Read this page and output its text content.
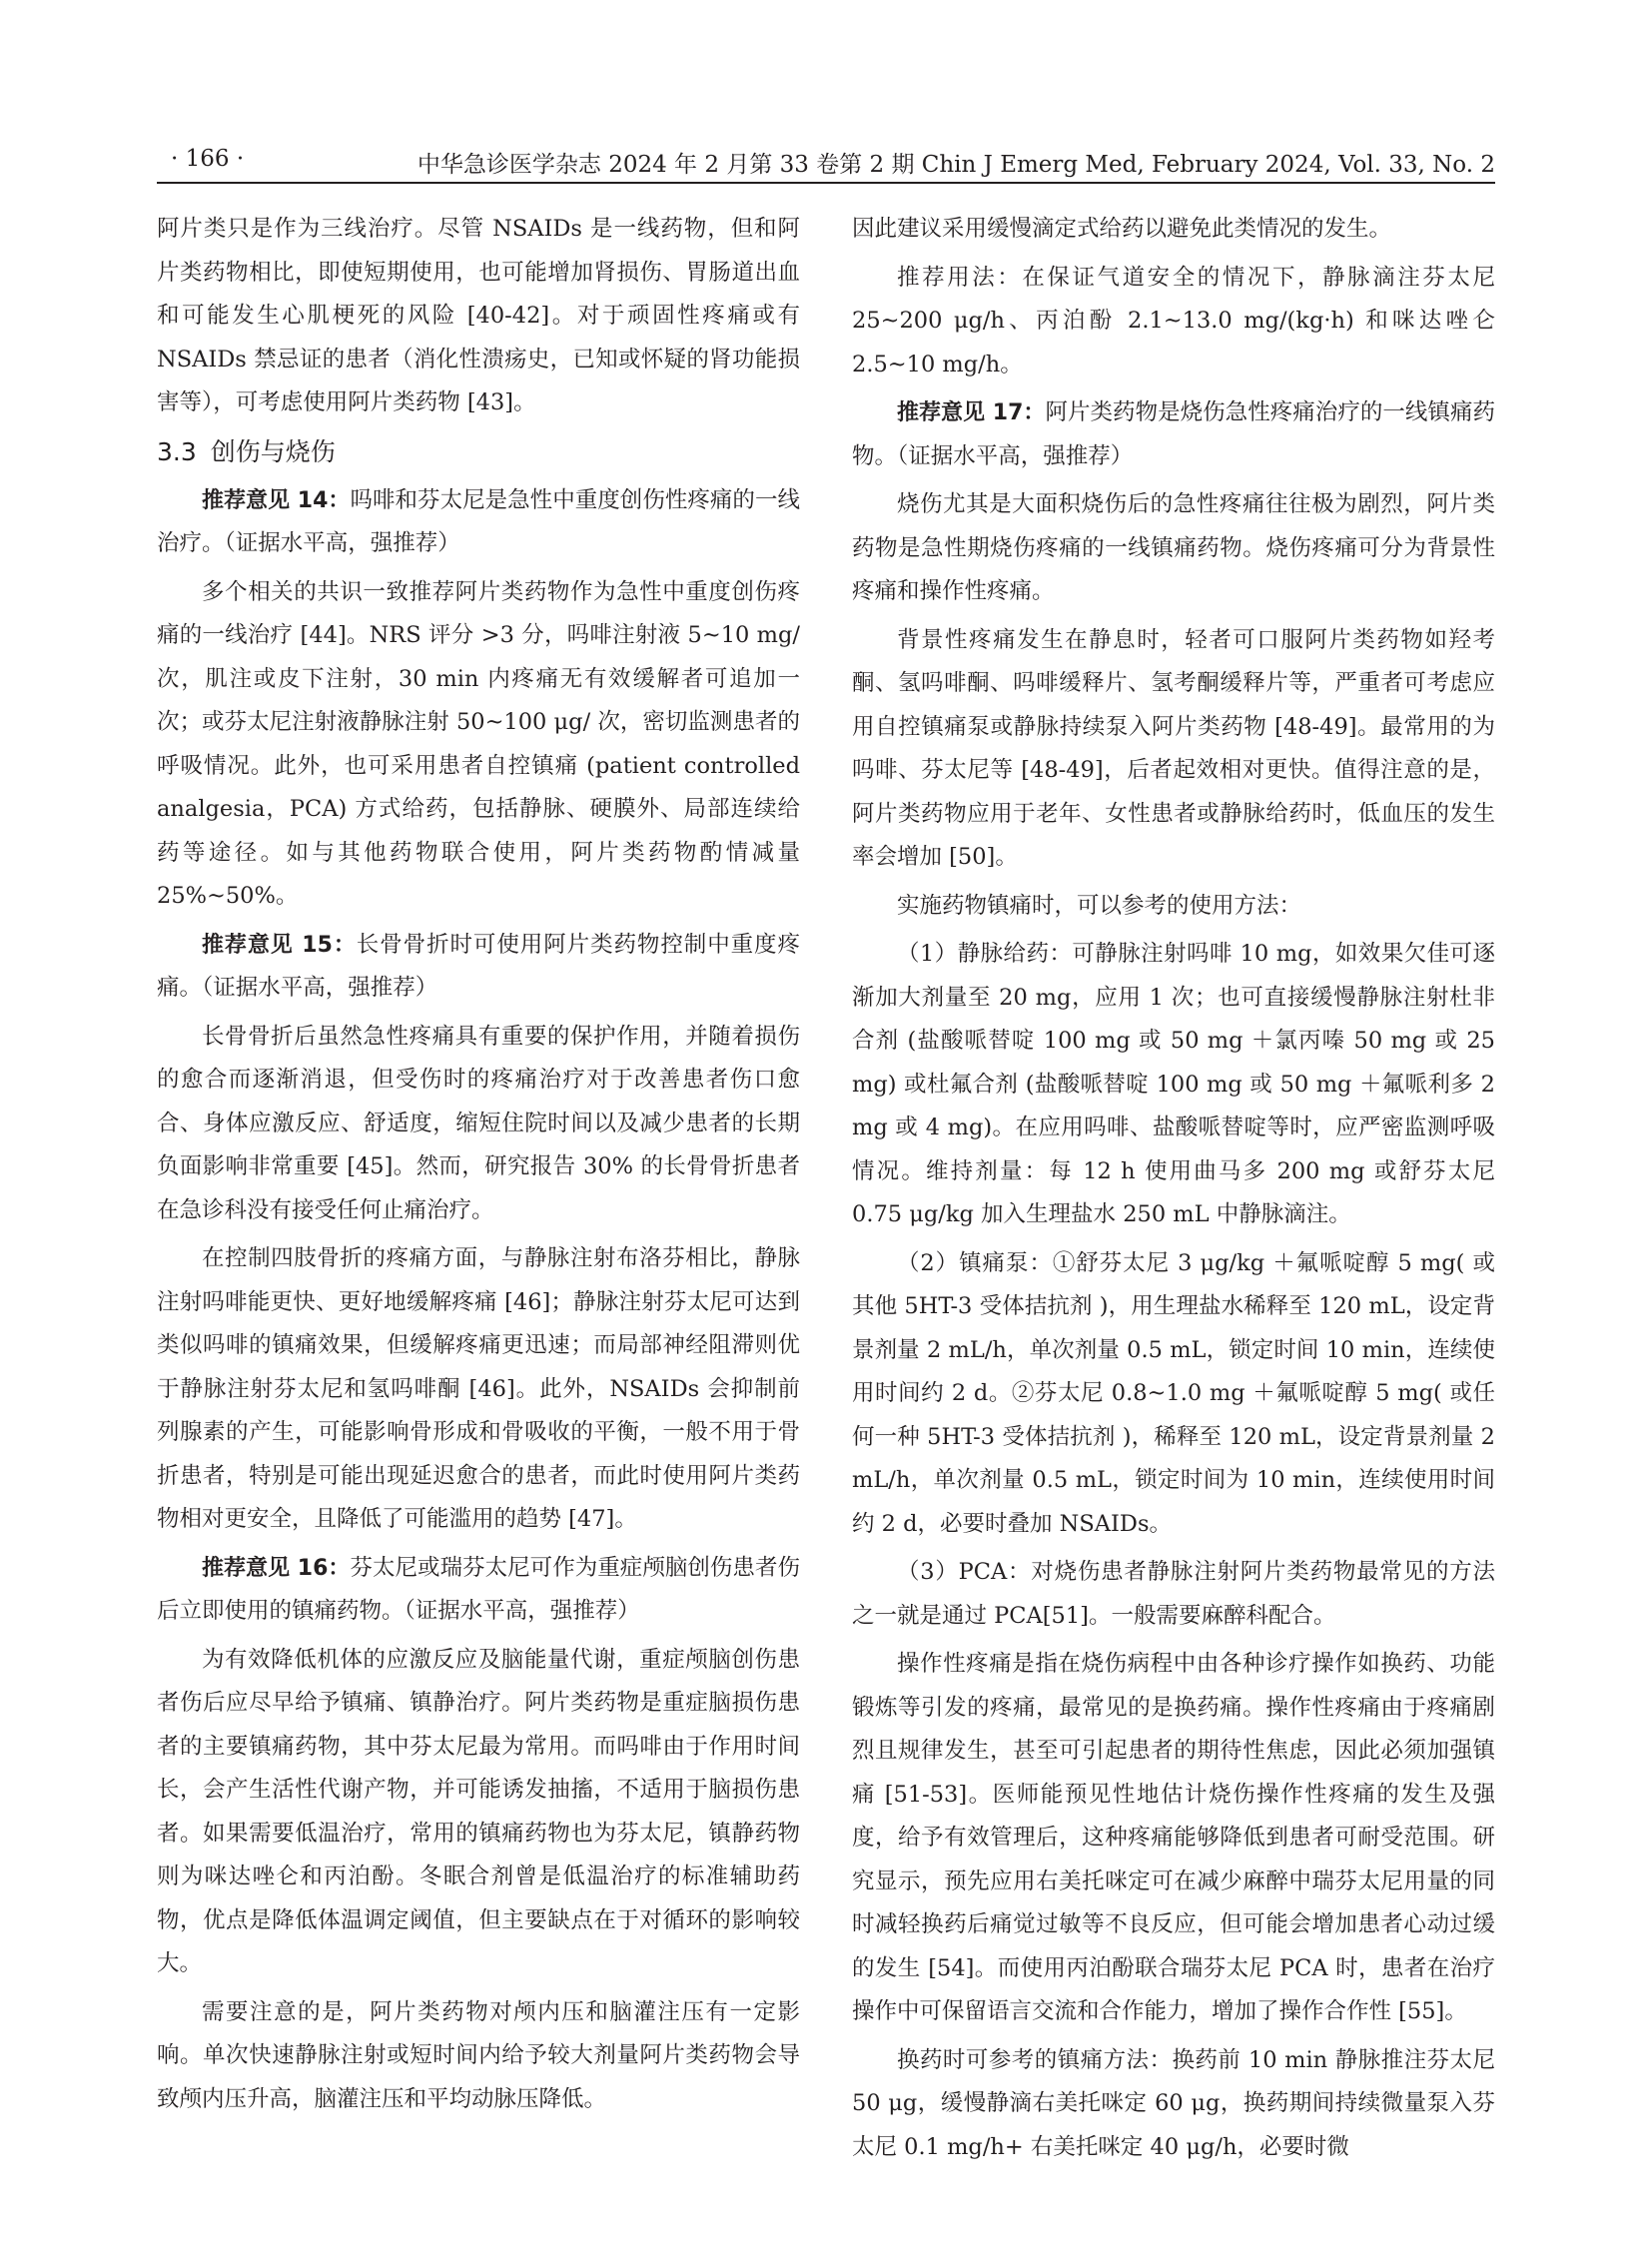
· 166 ·	中华急诊医学杂志 2024 年 2 月第 33 卷第 2 期 Chin J Emerg Med, February 2024, Vol. 33, No. 2

阿片类只是作为三线治疗。尽管 NSAIDs 是一线药物，但和阿片类药物相比，即使短期使用，也可能增加肾损伤、胃肠道出血和可能发生心肌梗死的风险 [40-42]。对于顽固性疼痛或有 NSAIDs 禁忌证的患者（消化性溃疡史，已知或怀疑的肾功能损害等），可考虑使用阿片类药物 [43]。

3.3 创伤与烧伤

推荐意见 14：吗啡和芬太尼是急性中重度创伤性疼痛的一线治疗。（证据水平高，强推荐）

多个相关的共识一致推荐阿片类药物作为急性中重度创伤疼痛的一线治疗 [44]。NRS 评分 >3 分，吗啡注射液 5~10 mg/ 次，肌注或皮下注射，30 min 内疼痛无有效缓解者可追加一次；或芬太尼注射液静脉注射 50~100 μg/ 次，密切监测患者的呼吸情况。此外，也可采用患者自控镇痛 (patient controlled analgesia，PCA) 方式给药，包括静脉、硬膜外、局部连续给药等途径。如与其他药物联合使用，阿片类药物酌情减量 25%~50%。

推荐意见 15：长骨骨折时可使用阿片类药物控制中重度疼痛。（证据水平高，强推荐）

长骨骨折后虽然急性疼痛具有重要的保护作用，并随着损伤的愈合而逐渐消退，但受伤时的疼痛治疗对于改善患者伤口愈合、身体应激反应、舒适度，缩短住院时间以及减少患者的长期负面影响非常重要 [45]。然而，研究报告 30% 的长骨骨折患者在急诊科没有接受任何止痛治疗。

在控制四肢骨折的疼痛方面，与静脉注射布洛芬相比，静脉注射吗啡能更快、更好地缓解疼痛 [46]；静脉注射芬太尼可达到类似吗啡的镇痛效果，但缓解疼痛更迅速；而局部神经阻滞则优于静脉注射芬太尼和氢吗啡酮 [46]。此外，NSAIDs 会抑制前列腺素的产生，可能影响骨形成和骨吸收的平衡，一般不用于骨折患者，特别是可能出现延迟愈合的患者，而此时使用阿片类药物相对更安全，且降低了可能滥用的趋势 [47]。

推荐意见 16：芬太尼或瑞芬太尼可作为重症颅脑创伤患者伤后立即使用的镇痛药物。（证据水平高，强推荐）

为有效降低机体的应激反应及脑能量代谢，重症颅脑创伤患者伤后应尽早给予镇痛、镇静治疗。阿片类药物是重症脑损伤患者的主要镇痛药物，其中芬太尼最为常用。而吗啡由于作用时间长，会产生活性代谢产物，并可能诱发抽搐，不适用于脑损伤患者。如果需要低温治疗，常用的镇痛药物也为芬太尼，镇静药物则为咪达唑仑和丙泊酚。冬眠合剂曾是低温治疗的标准辅助药物，优点是降低体温调定阈值，但主要缺点在于对循环的影响较大。

需要注意的是，阿片类药物对颅内压和脑灌注压有一定影响。单次快速静脉注射或短时间内给予较大剂量阿片类药物会导致颅内压升高，脑灌注压和平均动脉压降低。

因此建议采用缓慢滴定式给药以避免此类情况的发生。

推荐用法：在保证气道安全的情况下，静脉滴注芬太尼 25~200 μg/h、丙泊酚 2.1~13.0 mg/(kg·h) 和咪达唑仑 2.5~10 mg/h。

推荐意见 17：阿片类药物是烧伤急性疼痛治疗的一线镇痛药物。（证据水平高，强推荐）

烧伤尤其是大面积烧伤后的急性疼痛往往极为剧烈，阿片类药物是急性期烧伤疼痛的一线镇痛药物。烧伤疼痛可分为背景性疼痛和操作性疼痛。

背景性疼痛发生在静息时，轻者可口服阿片类药物如羟考酮、氢吗啡酮、吗啡缓释片、氢考酮缓释片等，严重者可考虑应用自控镇痛泵或静脉持续泵入阿片类药物 [48-49]。最常用的为吗啡、芬太尼等 [48-49]，后者起效相对更快。值得注意的是，阿片类药物应用于老年、女性患者或静脉给药时，低血压的发生率会增加 [50]。

实施药物镇痛时，可以参考的使用方法：

（1）静脉给药：可静脉注射吗啡 10 mg，如效果欠佳可逐渐加大剂量至 20 mg，应用 1 次；也可直接缓慢静脉注射杜非合剂 (盐酸哌替啶 100 mg 或 50 mg ＋氯丙嗪 50 mg 或 25 mg) 或杜氟合剂 (盐酸哌替啶 100 mg 或 50 mg ＋氟哌利多 2 mg 或 4 mg)。在应用吗啡、盐酸哌替啶等时，应严密监测呼吸情况。维持剂量：每 12 h 使用曲马多 200 mg 或舒芬太尼 0.75 μg/kg 加入生理盐水 250 mL 中静脉滴注。

（2）镇痛泵：①舒芬太尼 3 μg/kg ＋氟哌啶醇 5 mg( 或其他 5HT-3 受体拮抗剂 )，用生理盐水稀释至 120 mL，设定背景剂量 2 mL/h，单次剂量 0.5 mL，锁定时间 10 min，连续使用时间约 2 d。②芬太尼 0.8~1.0 mg ＋氟哌啶醇 5 mg( 或任何一种 5HT-3 受体拮抗剂 )，稀释至 120 mL，设定背景剂量 2 mL/h，单次剂量 0.5 mL，锁定时间为 10 min，连续使用时间约 2 d，必要时叠加 NSAIDs。

（3）PCA：对烧伤患者静脉注射阿片类药物最常见的方法之一就是通过 PCA[51]。一般需要麻醉科配合。

操作性疼痛是指在烧伤病程中由各种诊疗操作如换药、功能锻炼等引发的疼痛，最常见的是换药痛。操作性疼痛由于疼痛剧烈且规律发生，甚至可引起患者的期待性焦虑，因此必须加强镇痛 [51-53]。医师能预见性地估计烧伤操作性疼痛的发生及强度，给予有效管理后，这种疼痛能够降低到患者可耐受范围。研究显示，预先应用右美托咪定可在减少麻醉中瑞芬太尼用量的同时减轻换药后痛觉过敏等不良反应，但可能会增加患者心动过缓的发生 [54]。而使用丙泊酚联合瑞芬太尼 PCA 时，患者在治疗操作中可保留语言交流和合作能力，增加了操作合作性 [55]。

换药时可参考的镇痛方法：换药前 10 min 静脉推注芬太尼 50 μg，缓慢静滴右美托咪定 60 μg，换药期间持续微量泵入芬太尼 0.1 mg/h+ 右美托咪定 40 μg/h，必要时微
